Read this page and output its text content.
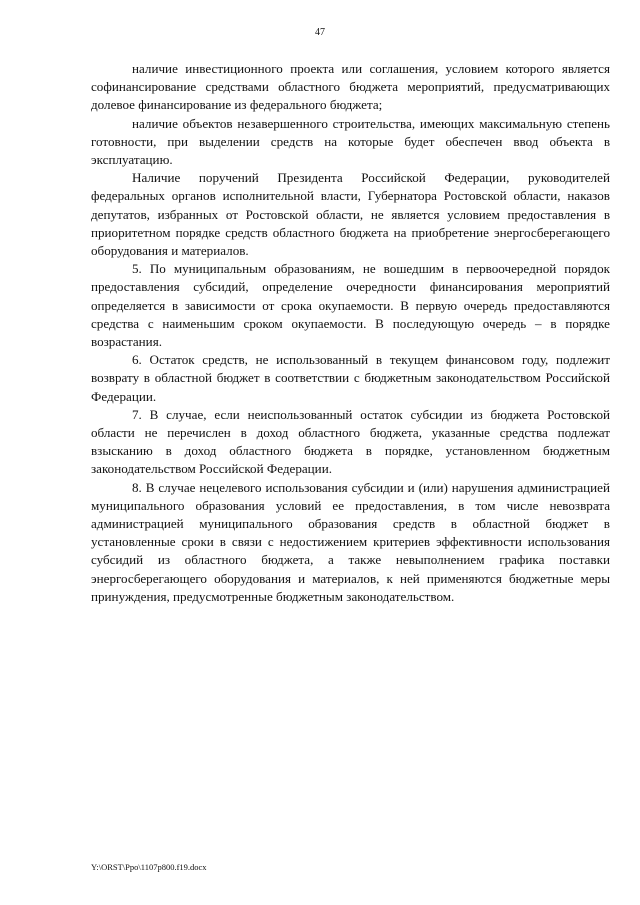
47

наличие инвестиционного проекта или соглашения, условием которого является софинансирование средствами областного бюджета мероприятий, предусматривающих долевое финансирование из федерального бюджета;

наличие объектов незавершенного строительства, имеющих максимальную степень готовности, при выделении средств на которые будет обеспечен ввод объекта в эксплуатацию.

Наличие поручений Президента Российской Федерации, руководителей федеральных органов исполнительной власти, Губернатора Ростовской области, наказов депутатов, избранных от Ростовской области, не является условием предоставления в приоритетном порядке средств областного бюджета на приобретение энергосберегающего оборудования и материалов.

5. По муниципальным образованиям, не вошедшим в первоочередной порядок предоставления субсидий, определение очередности финансирования мероприятий определяется в зависимости от срока окупаемости. В первую очередь предоставляются средства с наименьшим сроком окупаемости. В последующую очередь – в порядке возрастания.

6. Остаток средств, не использованный в текущем финансовом году, подлежит возврату в областной бюджет в соответствии с бюджетным законодательством Российской Федерации.

7. В случае, если неиспользованный остаток субсидии из бюджета Ростовской области не перечислен в доход областного бюджета, указанные средства подлежат взысканию в доход областного бюджета в порядке, установленном бюджетным законодательством Российской Федерации.

8. В случае нецелевого использования субсидии и (или) нарушения администрацией муниципального образования условий ее предоставления, в том числе невозврата администрацией муниципального образования средств в областной бюджет в установленные сроки в связи с недостижением критериев эффективности использования субсидий из областного бюджета, а также невыполнением графика поставки энергосберегающего оборудования и материалов, к ней применяются бюджетные меры принуждения, предусмотренные бюджетным законодательством.

Y:\ORST\Ppo\1107p800.f19.docx
